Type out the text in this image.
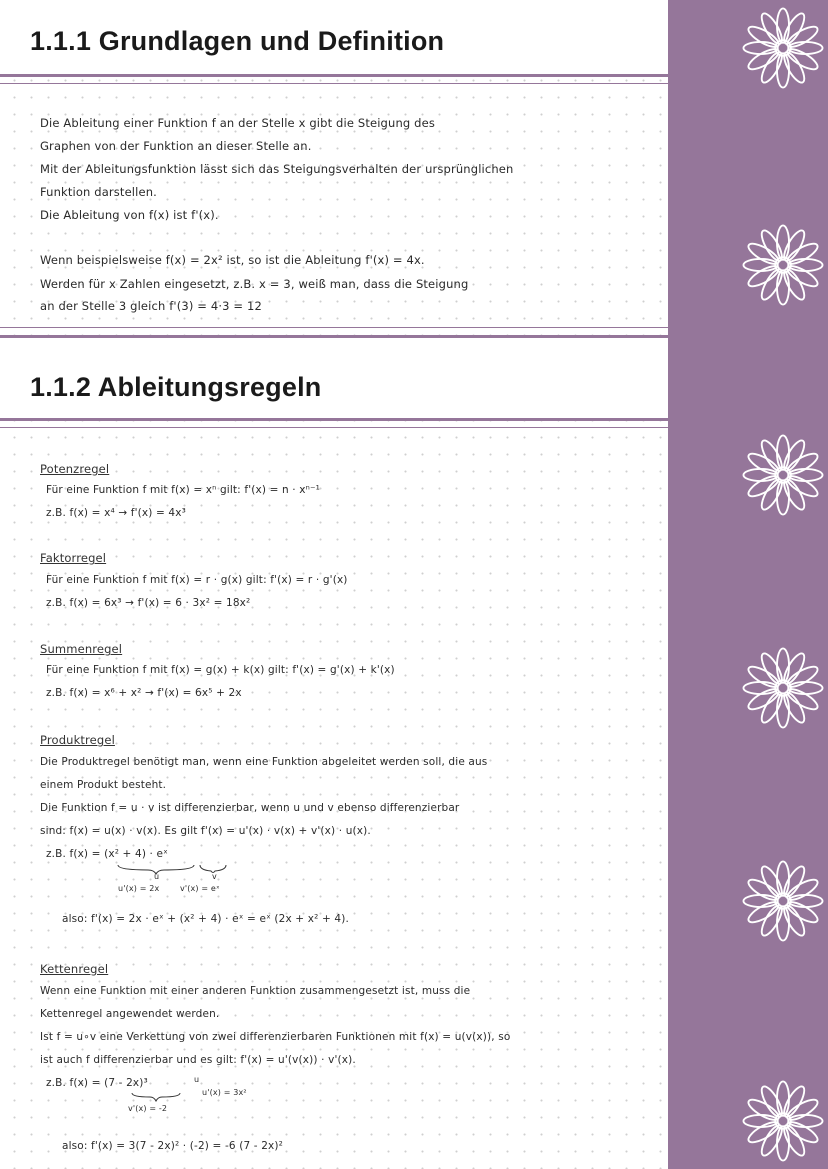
1.1.1 Grundlagen und Definition

Die Ableitung einer Funktion f an der Stelle x gibt die Steigung des

Graphen von der Funktion an dieser Stelle an.

Mit der Ableitungsfunktion lässt sich das Steigungsverhalten der ursprünglichen

Funktion darstellen.

Die Ableitung von f(x) ist f'(x).

Wenn beispielsweise f(x) = 2x² ist, so ist die Ableitung f'(x) = 4x.

Werden für x Zahlen eingesetzt, z.B. x = 3, weiß man, dass die Steigung

an der Stelle 3 gleich f'(3) = 4·3 = 12

1.1.2 Ableitungsregeln

Potenzregel

Für eine Funktion f mit f(x) = xⁿ gilt: f'(x) = n · xⁿ⁻¹

z.B. f(x) = x⁴ → f'(x) = 4x³

Faktorregel

Für eine Funktion f mit f(x) = r · g(x) gilt: f'(x) = r · g'(x)

z.B. f(x) = 6x³ → f'(x) = 6 · 3x² = 18x²

Summenregel

Für eine Funktion f mit f(x) = g(x) + k(x) gilt: f'(x) = g'(x) + k'(x)

z.B. f(x) = x⁶ + x² → f'(x) = 6x⁵ + 2x

Produktregel

Die Produktregel benötigt man, wenn eine Funktion abgeleitet werden soll, die aus

einem Produkt besteht.

Die Funktion f = u · v ist differenzierbar, wenn u und v ebenso differenzierbar

sind: f(x) = u(x) · v(x). Es gilt f'(x) = u'(x) · v(x) + v'(x) · u(x).

z.B. f(x) = (x² + 4) · eˣ

u	v

u'(x) = 2x	v'(x) = eˣ

also: f'(x) = 2x · eˣ + (x² + 4) · eˣ = eˣ (2x + x² + 4).

Kettenregel

Wenn eine Funktion mit einer anderen Funktion zusammengesetzt ist, muss die

Kettenregel angewendet werden.

Ist f = u∘v eine Verkettung von zwei differenzierbaren Funktionen mit f(x) = u(v(x)), so

ist auch f differenzierbar und es gilt: f'(x) = u'(v(x)) · v'(x).

z.B. f(x) = (7 - 2x)³	u

u'(x) = 3x²

v'(x) = -2

also: f'(x) = 3(7 - 2x)² · (-2) = -6 (7 - 2x)²
